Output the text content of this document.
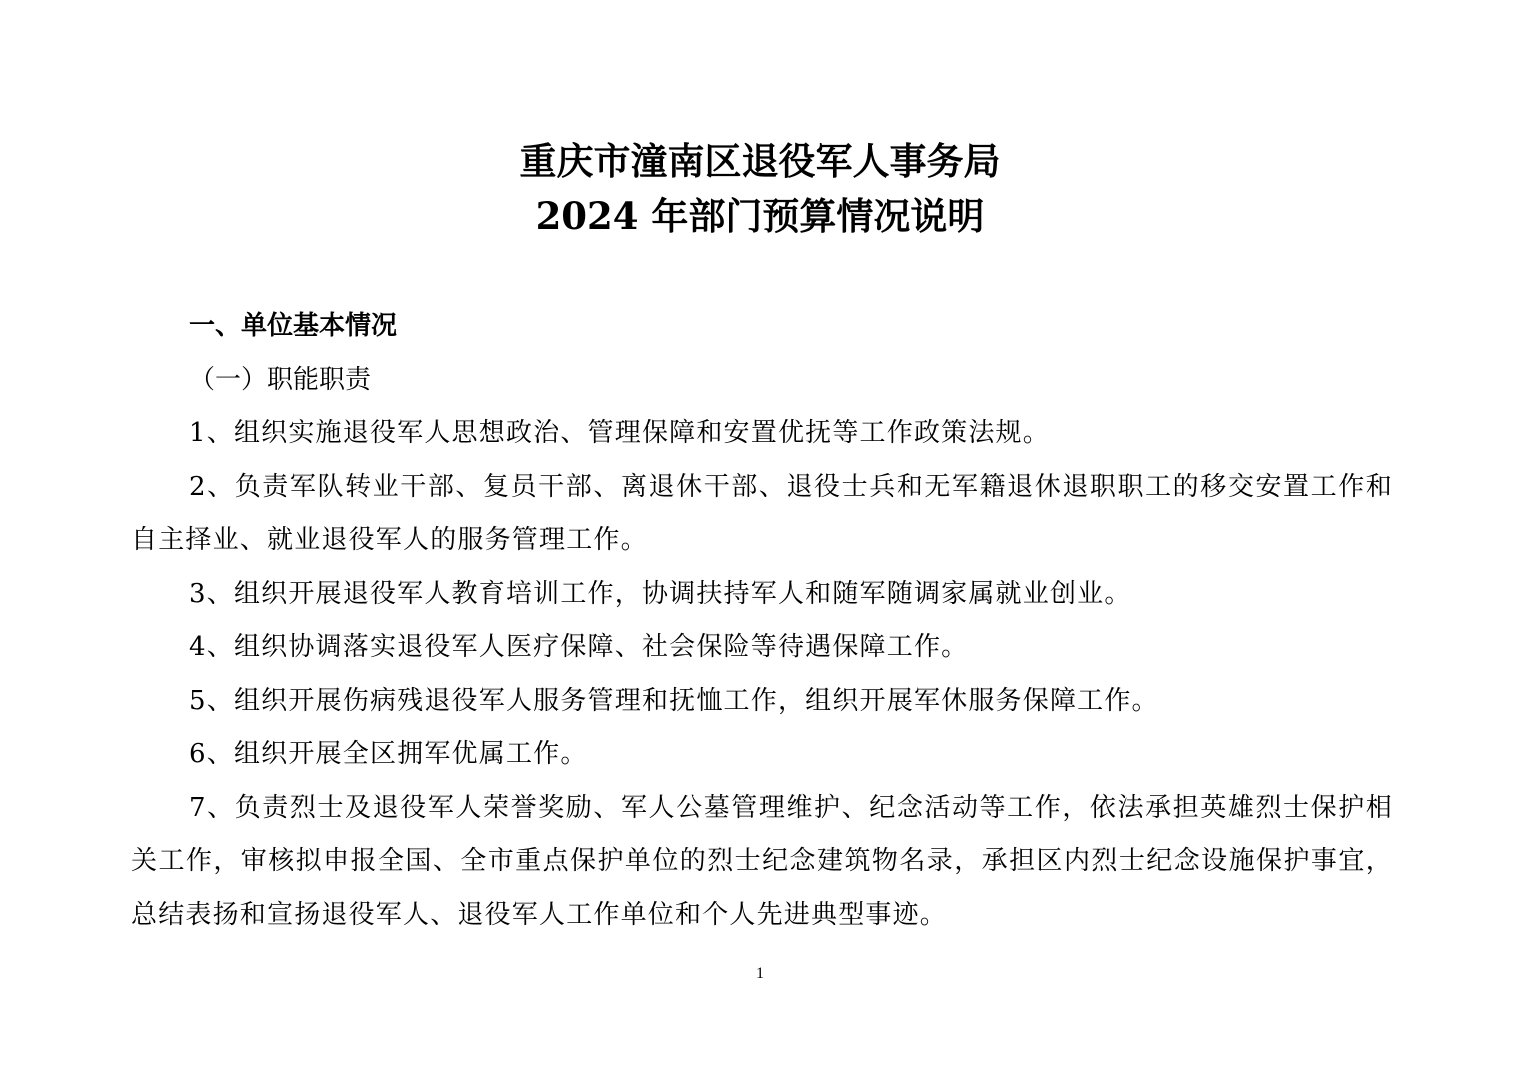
重庆市潼南区退役军人事务局
2024 年部门预算情况说明
一、单位基本情况
（一）职能职责

1、组织实施退役军人思想政治、管理保障和安置优抚等工作政策法规。

2、负责军队转业干部、复员干部、离退休干部、退役士兵和无军籍退休退职职工的移交安置工作和自主择业、就业退役军人的服务管理工作。

3、组织开展退役军人教育培训工作，协调扶持军人和随军随调家属就业创业。

4、组织协调落实退役军人医疗保障、社会保险等待遇保障工作。

5、组织开展伤病残退役军人服务管理和抚恤工作，组织开展军休服务保障工作。

6、组织开展全区拥军优属工作。

7、负责烈士及退役军人荣誉奖励、军人公墓管理维护、纪念活动等工作，依法承担英雄烈士保护相关工作，审核拟申报全国、全市重点保护单位的烈士纪念建筑物名录，承担区内烈士纪念设施保护事宜，总结表扬和宣扬退役军人、退役军人工作单位和个人先进典型事迹。

1
